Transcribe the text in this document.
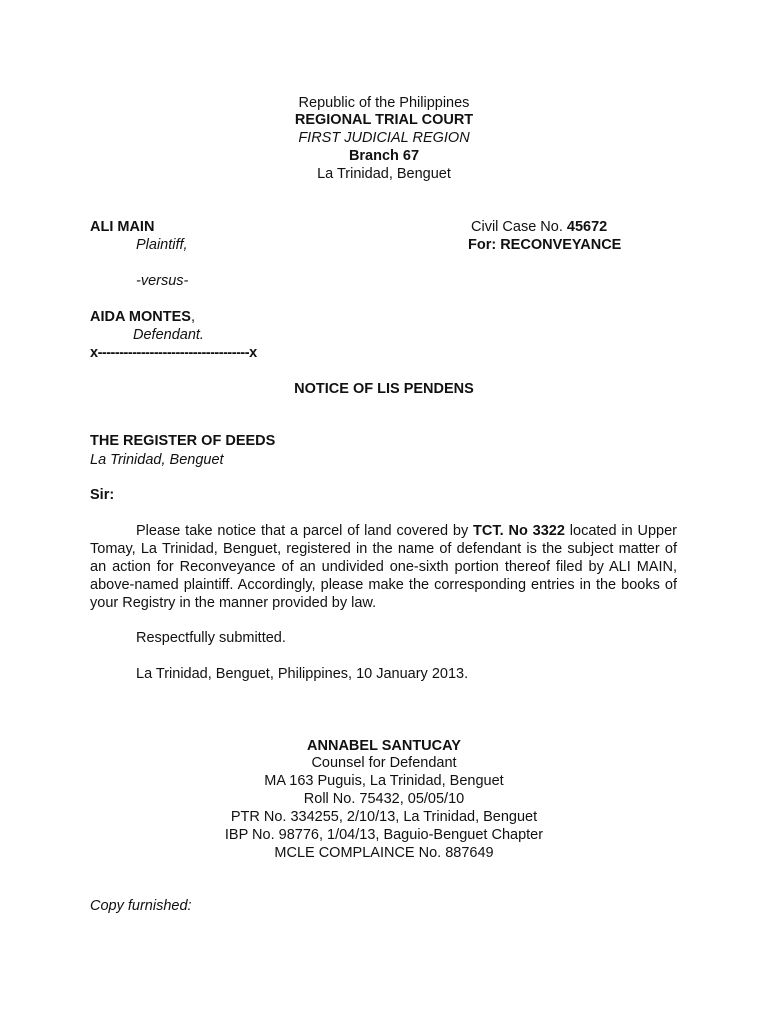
Republic of the Philippines
REGIONAL TRIAL COURT
FIRST JUDICIAL REGION
Branch 67
La Trinidad, Benguet
ALI MAIN
Plaintiff,
-versus-
AIDA MONTES,
Defendant.
x-----------------------------------x
Civil Case No. 45672
For: RECONVEYANCE
NOTICE OF LIS PENDENS
THE REGISTER OF DEEDS
La Trinidad, Benguet
Sir:
Please take notice that a parcel of land covered by TCT. No 3322 located in Upper Tomay, La Trinidad, Benguet, registered in the name of defendant is the subject matter of an action for Reconveyance of an undivided one-sixth portion thereof filed by ALI MAIN, above-named plaintiff. Accordingly, please make the corresponding entries in the books of your Registry in the manner provided by law.
Respectfully submitted.
La Trinidad, Benguet, Philippines, 10 January 2013.
ANNABEL SANTUCAY
Counsel for Defendant
MA 163 Puguis, La Trinidad, Benguet
Roll No. 75432, 05/05/10
PTR No. 334255, 2/10/13, La Trinidad, Benguet
IBP No. 98776, 1/04/13, Baguio-Benguet Chapter
MCLE COMPLAINCE No. 887649
Copy furnished:
